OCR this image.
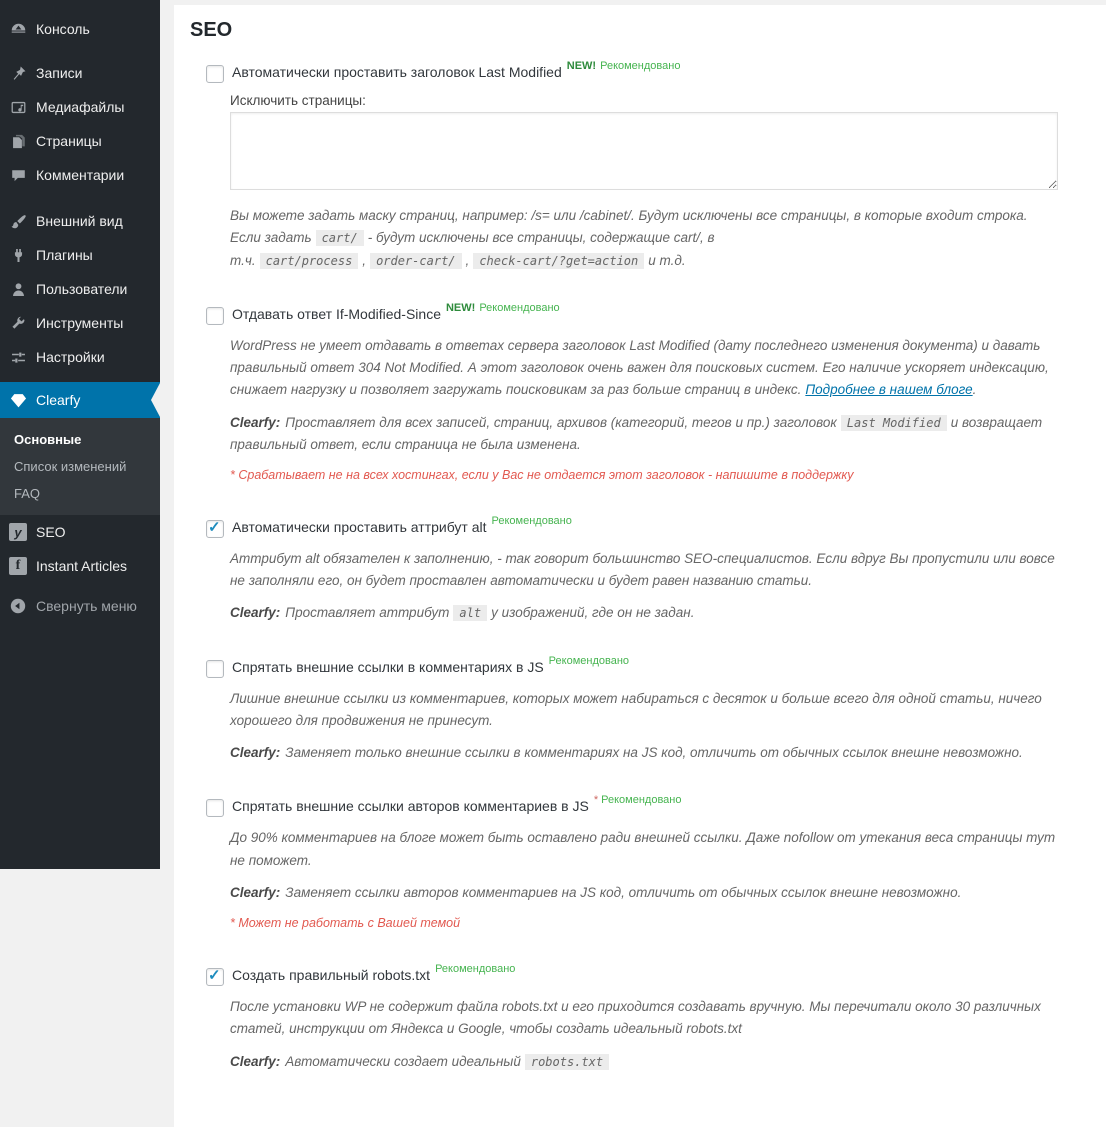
Консоль
Записи
Медиафайлы
Страницы
Комментарии
Внешний вид
Плагины
Пользователи
Инструменты
Настройки
Clearfy
Основные
Список изменений
FAQ
y
SEO
f
Instant Articles
Свернуть меню
SEO
Автоматически проставить заголовок Last Modified $^{NEW! Рекомендовано}$
Исключить страницы:

Вы можете задать маску страниц, например: /s= или /cabinet/. Будут исключены все страницы, в которые входит строка.
Если задать cart/ - будут исключены все страницы, содержащие cart/, в т.ч. cart/process , order-cart/ , check-cart/?get=action и т.д.

Отдавать ответ If-Modified-Since $^{NEW! Рекомендовано}$

WordPress не умеет отдавать в ответах сервера заголовок Last Modified (дату последнего изменения документа) и давать правильный ответ 304 Not Modified. А этот заголовок очень важен для поисковых систем. Его наличие ускоряет индексацию, снижает нагрузку и позволяет загружать поисковикам за раз больше страниц в индекс. Подробнее в нашем блоге.

Clearfy: Проставляет для всех записей, страниц, архивов (категорий, тегов и пр.) заголовок Last Modified и возвращает правильный ответ, если страница не была изменена.

* Срабатывает не на всех хостингах, если у Вас не отдается этот заголовок - напишите в поддержку
✓
Автоматически проставить аттрибут alt $^{Рекомендовано}$

Аттрибут alt обязателен к заполнению, - так говорит большинство SEO-специалистов. Если вдруг Вы пропустили или вовсе не заполняли его, он будет проставлен автоматически и будет равен названию статьи.

Clearfy: Проставляет аттрибут alt у изображений, где он не задан.

Спрятать внешние ссылки в комментариях в JS $^{Рекомендовано}$

Лишние внешние ссылки из комментариев, которых может набираться с десяток и больше всего для одной статьи, ничего хорошего для продвижения не принесут.

Clearfy: Заменяет только внешние ссылки в комментариях на JS код, отличить от обычных ссылок внешне невозможно.

Спрятать внешние ссылки авторов комментариев в JS $^{* Рекомендовано}$

До 90% комментариев на блоге может быть оставлено ради внешней ссылки. Даже nofollow от утекания веса страницы тут не поможет.

Clearfy: Заменяет ссылки авторов комментариев на JS код, отличить от обычных ссылок внешне невозможно.

* Может не работать с Вашей темой
✓
Создать правильный robots.txt $^{Рекомендовано}$

После установки WP не содержит файла robots.txt и его приходится создавать вручную. Мы перечитали около 30 различных статей, инструкции от Яндекса и Google, чтобы создать идеальный robots.txt

Clearfy: Автоматически создает идеальный robots.txt
